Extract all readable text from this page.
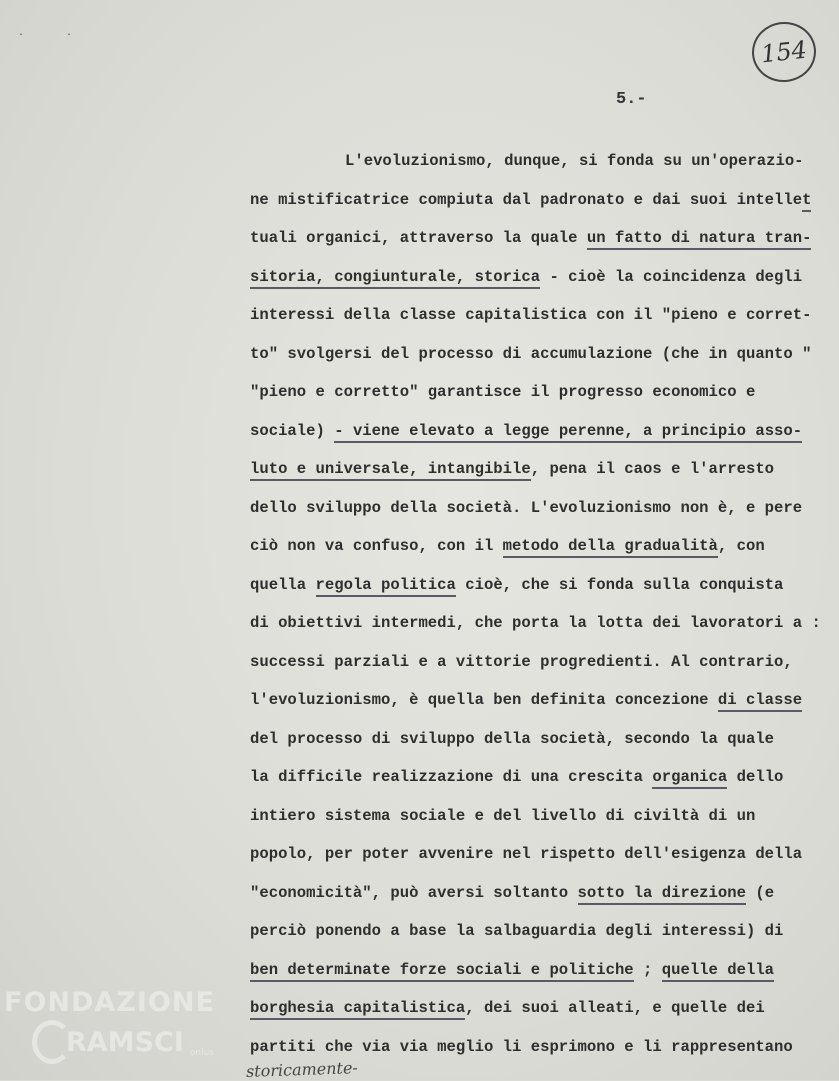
· ·
154
5.-
L'evoluzionismo, dunque, si fonda su un'operazio-
ne mistificatrice compiuta dal padronato e dai suoi intellet
tuali organici, attraverso la quale un fatto di natura tran-
sitoria, congiunturale, storica - cioè la coincidenza degli
interessi della classe capitalistica con il "pieno e corret-
to" svolgersi del processo di accumulazione (che in quanto "
"pieno e corretto" garantisce il progresso economico e
sociale) - viene elevato a legge perenne, a principio asso-
luto e universale, intangibile, pena il caos e l'arresto
dello sviluppo della società. L'evoluzionismo non è, e pere
ciò non va confuso, con il metodo della gradualità, con
quella regola politica cioè, che si fonda sulla conquista
di obiettivi intermedi, che porta la lotta dei lavoratori a :
successi parziali e a vittorie progredienti. Al contrario,
l'evoluzionismo, è quella ben definita concezione di classe
del processo di sviluppo della società, secondo la quale
la difficile realizzazione di una crescita organica dello
intiero sistema sociale e del livello di civiltà di un
popolo, per poter avvenire nel rispetto dell'esigenza della
"economicità", può aversi soltanto sotto la direzione (e
perciò ponendo a base la salbaguardia degli interessi) di
ben determinate forze sociali e politiche ; quelle della
borghesia capitalistica, dei suoi alleati, e quelle dei
partiti che via via meglio li esprimono e li rappresentano
storicamente-
FONDAZIONE
RAMSCI onlus
